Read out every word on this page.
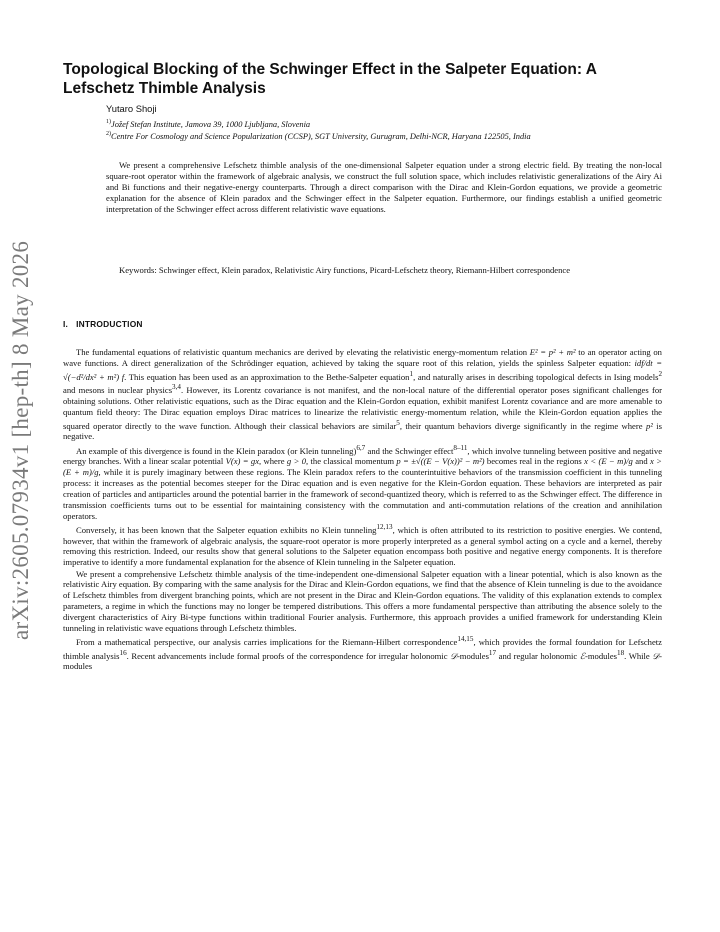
arXiv:2605.07934v1 [hep-th] 8 May 2026
Topological Blocking of the Schwinger Effect in the Salpeter Equation: A Lefschetz Thimble Analysis
Yutaro Shoji
$^{1)}$Jožef Stefan Institute, Jamova 39, 1000 Ljubljana, Slovenia
$^{2)}$Centre For Cosmology and Science Popularization (CCSP), SGT University, Gurugram, Delhi-NCR, Haryana 122505, India

We present a comprehensive Lefschetz thimble analysis of the one-dimensional Salpeter equation under a strong electric field. By treating the non-local square-root operator within the framework of algebraic analysis, we construct the full solution space, which includes relativistic generalizations of the Airy Ai and Bi functions and their negative-energy counterparts. Through a direct comparison with the Dirac and Klein-Gordon equations, we provide a geometric explanation for the absence of Klein paradox and the Schwinger effect in the Salpeter equation. Furthermore, our findings establish a unified geometric interpretation of the Schwinger effect across different relativistic wave equations.

Keywords: Schwinger effect, Klein paradox, Relativistic Airy functions, Picard-Lefschetz theory, Riemann-Hilbert correspondence

I. INTRODUCTION

The fundamental equations of relativistic quantum mechanics are derived by elevating the relativistic energy-momentum relation E² = p² + m² to an operator acting on wave functions. A direct generalization of the Schrödinger equation, achieved by taking the square root of this relation, yields the spinless Salpeter equation: idf/dt = √(−d²/dx² + m²) f. This equation has been used as an approximation to the Bethe-Salpeter equation$^1$, and naturally arises in describing topological defects in Ising models$^2$ and mesons in nuclear physics$^{3,4}$. However, its Lorentz covariance is not manifest, and the non-local nature of the differential operator poses significant challenges for obtaining solutions. Other relativistic equations, such as the Dirac equation and the Klein-Gordon equation, exhibit manifest Lorentz covariance and are more amenable to quantum field theory: The Dirac equation employs Dirac matrices to linearize the relativistic energy-momentum relation, while the Klein-Gordon equation applies the squared operator directly to the wave function. Although their classical behaviors are similar$^5$, their quantum behaviors diverge significantly in the regime where p² is negative.

An example of this divergence is found in the Klein paradox (or Klein tunneling)$^{6,7}$ and the Schwinger effect$^{8-11}$, which involve tunneling between positive and negative energy branches. With a linear scalar potential V(x) = gx, where g > 0, the classical momentum p = ±√((E − V(x))² − m²) becomes real in the regions x < (E − m)/g and x > (E + m)/g, while it is purely imaginary between these regions. The Klein paradox refers to the counterintuitive behaviors of the transmission coefficient in this tunneling process: it increases as the potential becomes steeper for the Dirac equation and is even negative for the Klein-Gordon equation. These behaviors are interpreted as pair creation of particles and antiparticles around the potential barrier in the framework of second-quantized theory, which is referred to as the Schwinger effect. The difference in transmission coefficients turns out to be essential for maintaining consistency with the commutation and anti-commutation relations of the creation and annihilation operators.

Conversely, it has been known that the Salpeter equation exhibits no Klein tunneling$^{12,13}$, which is often attributed to its restriction to positive energies. We contend, however, that within the framework of algebraic analysis, the square-root operator is more properly interpreted as a general symbol acting on a cycle and a kernel, thereby removing this restriction. Indeed, our results show that general solutions to the Salpeter equation encompass both positive and negative energy components. It is therefore imperative to identify a more fundamental explanation for the absence of Klein tunneling in the Salpeter equation.

We present a comprehensive Lefschetz thimble analysis of the time-independent one-dimensional Salpeter equation with a linear potential, which is also known as the relativistic Airy equation. By comparing with the same analysis for the Dirac and Klein-Gordon equations, we find that the absence of Klein tunneling is due to the avoidance of Lefschetz thimbles from divergent branching points, which are not present in the Dirac and Klein-Gordon equations. The validity of this explanation extends to complex parameters, a regime in which the functions may no longer be tempered distributions. This offers a more fundamental perspective than attributing the absence solely to the divergent characteristics of Airy Bi-type functions within traditional Fourier analysis. Furthermore, this approach provides a unified framework for understanding Klein tunneling in relativistic wave equations through Lefschetz thimbles.

From a mathematical perspective, our analysis carries implications for the Riemann-Hilbert correspondence$^{14,15}$, which provides the formal foundation for Lefschetz thimble analysis$^{16}$. Recent advancements include formal proofs of the correspondence for irregular holonomic 𝒟-modules$^{17}$ and regular holonomic ℰ-modules$^{18}$. While 𝒟-modules
